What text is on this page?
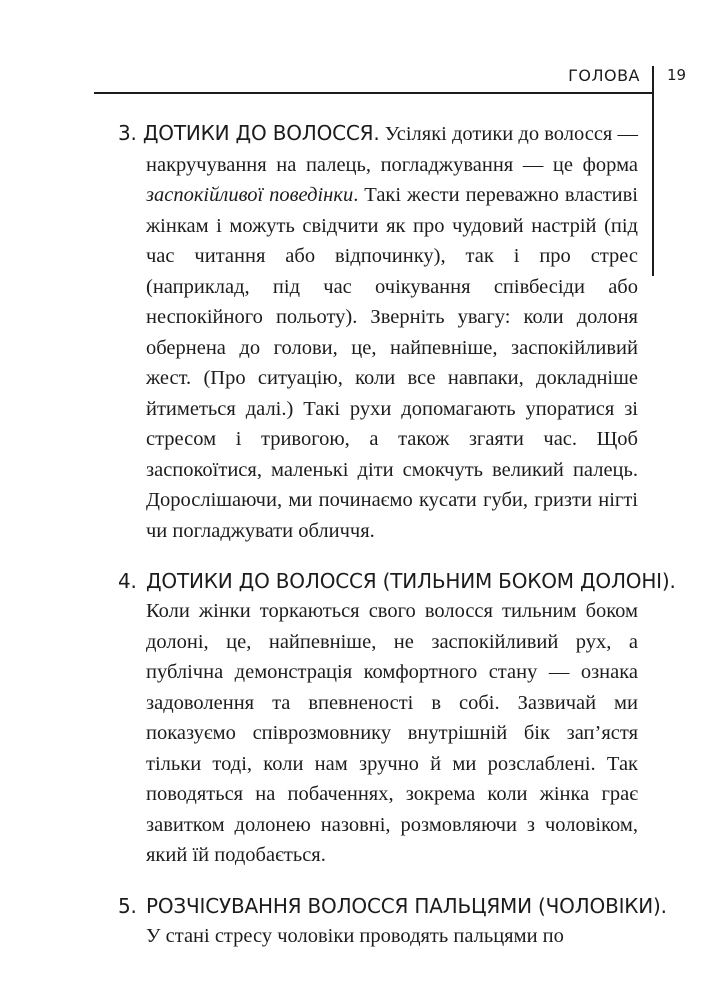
ГОЛОВА 19

3. ДОТИКИ ДО ВОЛОССЯ. Усілякі дотики до волосся — накручування на палець, погладжування — це форма заспокійливої поведінки. Такі жести переважно властиві жінкам і можуть свідчити як про чудовий настрій (під час читання або відпочинку), так і про стрес (наприклад, під час очікування співбесіди або неспокійного польоту). Зверніть увагу: коли долоня обернена до голови, це, найпевніше, заспокійливий жест. (Про ситуацію, коли все навпаки, докладніше йтиметься далі.) Такі рухи допомагають упоратися зі стресом і тривогою, а також згаяти час. Щоб заспокоїтися, маленькі діти смокчуть великий палець. Дорослішаючи, ми починаємо кусати губи, гризти нігті чи погладжувати обличчя.

4. ДОТИКИ ДО ВОЛОССЯ (ТИЛЬНИМ БОКОМ ДОЛОНІ).

Коли жінки торкаються свого волосся тильним боком долоні, це, найпевніше, не заспокійливий рух, а публічна демонстрація комфортного стану — ознака задоволення та впевненості в собі. Зазвичай ми показуємо співрозмовнику внутрішній бік зап’ястя тільки тоді, коли нам зручно й ми розслаблені. Так поводяться на побаченнях, зокрема коли жінка грає завитком долонею назовні, розмовляючи з чоловіком, який їй подобається.

5. РОЗЧІСУВАННЯ ВОЛОССЯ ПАЛЬЦЯМИ (ЧОЛОВІКИ).

У стані стресу чоловіки проводять пальцями по
